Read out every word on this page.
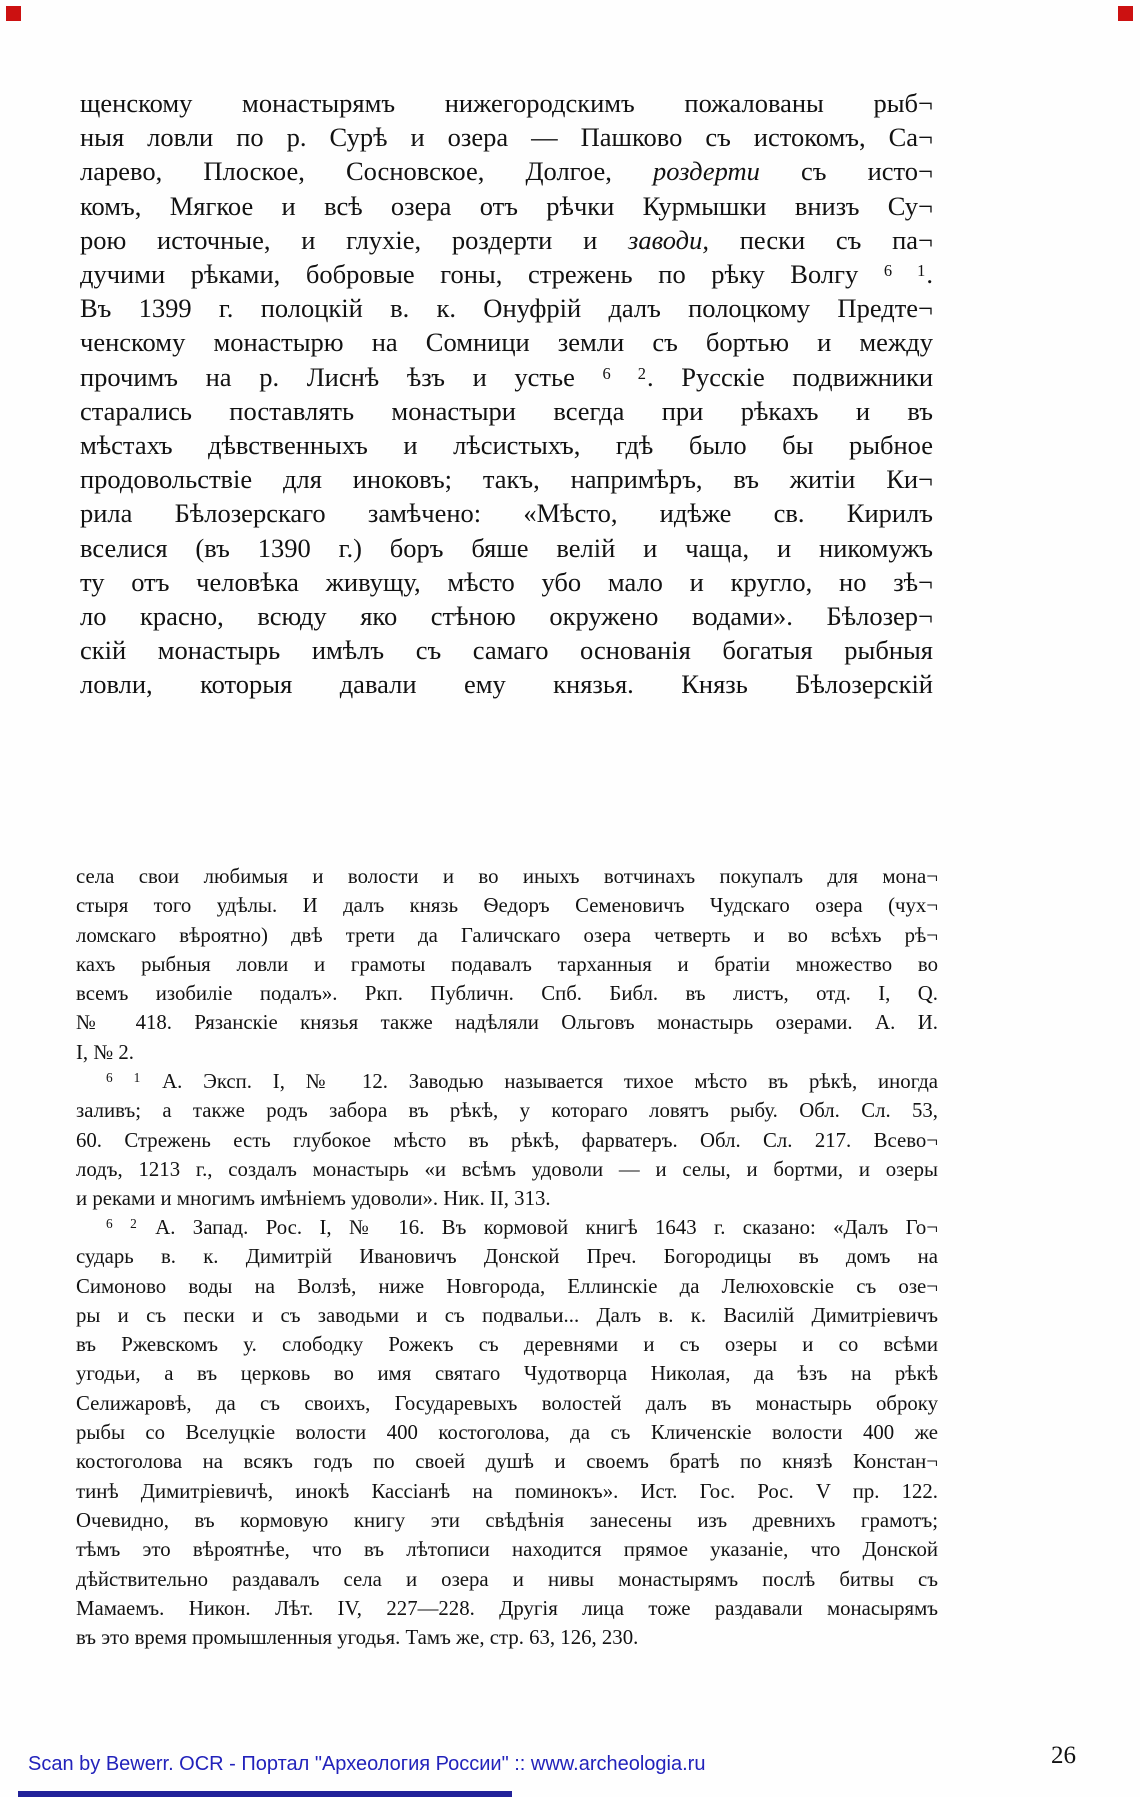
щенскому монастырямъ нижегородскимъ пожалованы рыб¬
ныя ловли по р. Сурѣ и озера — Пашково съ истокомъ, Са¬
ларево, Плоское, Сосновское, Долгое, роздерти съ исто¬
комъ, Мягкое и всѣ озера отъ рѣчки Курмышки внизъ Су¬
рою источные, и глухіе, роздерти и заводи, пески съ па¬
дучими рѣками, бобровые гоны, стрежень по рѣку Волгу $^{6 1}$.
Въ 1399 г. полоцкій в. к. Онуфрій далъ полоцкому Предте¬
ченскому монастырю на Сомници земли съ бортью и между
прочимъ на р. Лиснѣ ѣзъ и устье $^{6 2}$. Русскіе подвижники
старались поставлять монастыри всегда при рѣкахъ и въ
мѣстахъ дѣвственныхъ и лѣсистыхъ, гдѣ было бы рыбное
продовольствіе для иноковъ; такъ, напримѣръ, въ житіи Ки¬
рила Бѣлозерскаго замѣчено: «Мѣсто, идѣже св. Кирилъ
вселися (въ 1390 г.) боръ бяше велій и чаща, и никомужъ
ту отъ человѣка живущу, мѣсто убо мало и кругло, но зѣ¬
ло красно, всюду яко стѣною окружено водами». Бѣлозер¬
скій монастырь имѣлъ съ самаго основанія богатыя рыбныя
ловли, которыя давали ему князья. Князь Бѣлозерскій
села свои любимыя и волости и во иныхъ вотчинахъ покупалъ для мона¬
стыря того удѣлы. И далъ князь Ѳедоръ Семеновичъ Чудскаго озера (чух¬
ломскаго вѣроятно) двѣ трети да Галичскаго озера четверть и во всѣхъ рѣ¬
кахъ рыбныя ловли и грамоты подавалъ тарханныя и братіи множество во
всемъ изобиліе подалъ». Ркп. Публичн. Спб. Библ. въ листъ, отд. I, Q.
№ 418. Рязанскіе князья также надѣляли Ольговъ монастырь озерами. А. И.
I, № 2.
$^{6 1}$ А. Эксп. I, № 12. Заводью называется тихое мѣсто въ рѣкѣ, иногда
заливъ; а также родъ забора въ рѣкѣ, у котораго ловятъ рыбу. Обл. Сл. 53,
60. Стрежень есть глубокое мѣсто въ рѣкѣ, фарватеръ. Обл. Сл. 217. Всево¬
лодъ, 1213 г., создалъ монастырь «и всѣмъ удоволи — и селы, и бортми, и озеры
и реками и многимъ имѣніемъ удоволи». Ник. II, 313.
$^{6 2}$ А. Запад. Рос. I, № 16. Въ кормовой книгѣ 1643 г. сказано: «Далъ Го¬
сударь в. к. Димитрій Ивановичъ Донской Преч. Богородицы въ домъ на
Симоново воды на Волзѣ, ниже Новгорода, Еллинскіе да Лелюховскіе съ озе¬
ры и съ пески и съ заводьми и съ подвальи... Далъ в. к. Василій Димитріевичъ
въ Ржевскомъ у. слободку Рожекъ съ деревнями и съ озеры и со всѣми
угодьи, а въ церковь во имя святаго Чудотворца Николая, да ѣзъ на рѣкѣ
Селижаровѣ, да съ своихъ, Государевыхъ волостей далъ въ монастырь оброку
рыбы со Вселуцкіе волости 400 костоголова, да съ Кличенскіе волости 400 же
костоголова на всякъ годъ по своей душѣ и своемъ братѣ по князѣ Констан¬
тинѣ Димитріевичѣ, инокѣ Кассіанѣ на поминокъ». Ист. Гос. Рос. V пр. 122.
Очевидно, въ кормовую книгу эти свѣдѣнія занесены изъ древнихъ грамотъ;
тѣмъ это вѣроятнѣе, что въ лѣтописи находится прямое указаніе, что Донской
дѣйствительно раздавалъ села и озера и нивы монастырямъ послѣ битвы съ
Мамаемъ. Никон. Лѣт. IV, 227—228. Другія лица тоже раздавали монасырямъ
въ это время промышленныя угодья. Тамъ же, стр. 63, 126, 230.
Scan by Bewerr. OCR - Портал "Археология России" :: www.archeologia.ru	26
